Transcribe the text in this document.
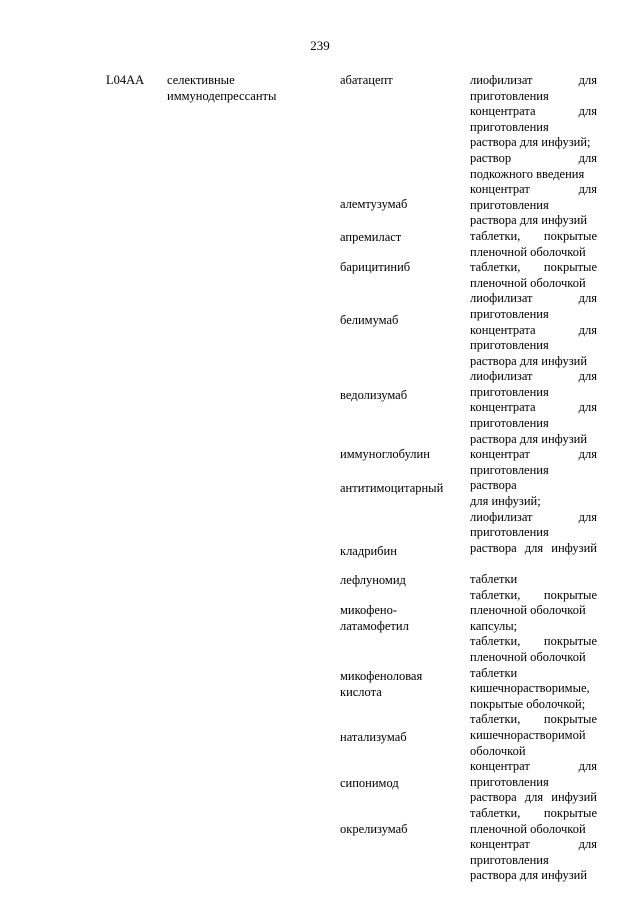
239
L04AA селективные
иммунодепрессанты
абатацепт
алемтузумаб
апремиласт
барицитиниб
белимумаб
ведолизумаб
иммуноглобулин
антитимоцитарный
кладрибин
лефлуномид
микофено-
латамофетил
микофеноловая
кислота
натализумаб
сипонимод
окрелизумаб
лиофилизат для
приготовления
концентрата для
приготовления
раствора для инфузий;
раствор для
подкожного введения
концентрат для
приготовления
раствора для инфузий
таблетки, покрытые
пленочной оболочкой
таблетки, покрытые
пленочной оболочкой
лиофилизат для
приготовления
концентрата для
приготовления
раствора для инфузий
лиофилизат для
приготовления
концентрата для
приготовления
раствора для инфузий
концентрат для
приготовления
раствора
для инфузий;
лиофилизат для
приготовления
раствора для инфузий
таблетки
таблетки, покрытые
пленочной оболочкой
капсулы;
таблетки, покрытые
пленочной оболочкой
таблетки
кишечнорастворимые,
покрытые оболочкой;
таблетки, покрытые
кишечнорастворимой
оболочкой
концентрат для
приготовления
раствора для инфузий
таблетки, покрытые
пленочной оболочкой
концентрат для
приготовления
раствора для инфузий
